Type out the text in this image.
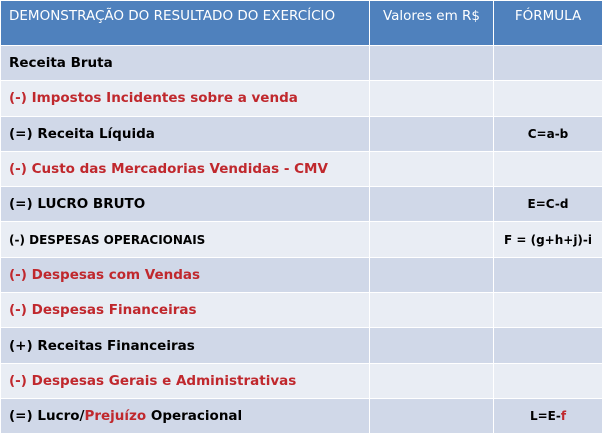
DEMONSTRAÇÃO DO RESULTADO DO EXERCÍCIO	Valores em R$	FÓRMULA
Receita Bruta		
(-) Impostos Incidentes sobre a venda		
(=) Receita Líquida		C=a-b
(-) Custo das Mercadorias Vendidas - CMV		
(=) LUCRO BRUTO		E=C-d
(-) DESPESAS OPERACIONAIS		F = (g+h+j)-i
(-) Despesas com Vendas		
(-) Despesas Financeiras		
(+) Receitas Financeiras		
(-) Despesas Gerais e Administrativas		
(=) Lucro/Prejuízo Operacional		L=E-f
